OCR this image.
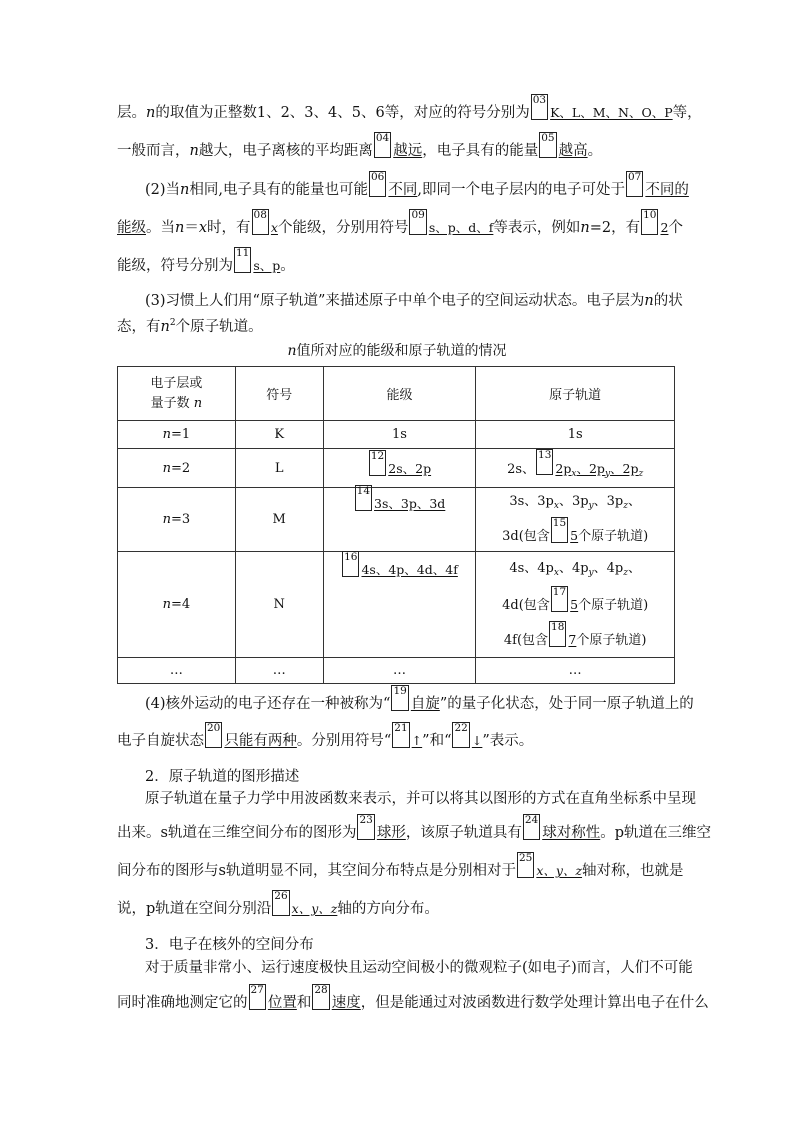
层。n的取值为正整数1、2、3、4、5、6等，对应的符号分别为03K、L、M、N、O、P等，
一般而言，n越大，电子离核的平均距离04越远，电子具有的能量05越高。
(2)当n相同,电子具有的能量也可能06不同,即同一个电子层内的电子可处于07不同的
能级。当n＝x时，有08x个能级，分别用符号09s、p、d、f等表示，例如n=2，有102个
能级，符号分别为11s、p。
(3)习惯上人们用“原子轨道”来描述原子中单个电子的空间运动状态。电子层为n的状
态，有$n^2$个原子轨道。
n值所对应的能级和原子轨道的情况
电子层或
量子数 n	符号	能级	原子轨道
n=1	K	1s	1s
n=2	L	122s、2p	2s、$132p_x$、$2p_y$、$2p_z$
n=3	M	143s、3p、3d	3s、$3p_x$、$3p_y$、$3p_z$、
3d(包含155个原子轨道)

n=4	N	164s、4p、4d、4f	4s、$4p_x$、$4p_y$、$4p_z$、
4d(包含175个原子轨道)
4f(包含187个原子轨道)

…	…	…	…
(4)核外运动的电子还存在一种被称为“19自旋”的量子化状态，处于同一原子轨道上的
电子自旋状态20只能有两种。分别用符号“21↑”和“22↓”表示。
2．原子轨道的图形描述
原子轨道在量子力学中用波函数来表示，并可以将其以图形的方式在直角坐标系中呈现
出来。s轨道在三维空间分布的图形为23球形，该原子轨道具有24球对称性。p轨道在三维空
间分布的图形与s轨道明显不同，其空间分布特点是分别相对于25x、y、z轴对称，也就是
说，p轨道在空间分别沿26x、y、z轴的方向分布。
3．电子在核外的空间分布
对于质量非常小、运行速度极快且运动空间极小的微观粒子(如电子)而言，人们不可能
同时准确地测定它的27位置和28速度，但是能通过对波函数进行数学处理计算出电子在什么
